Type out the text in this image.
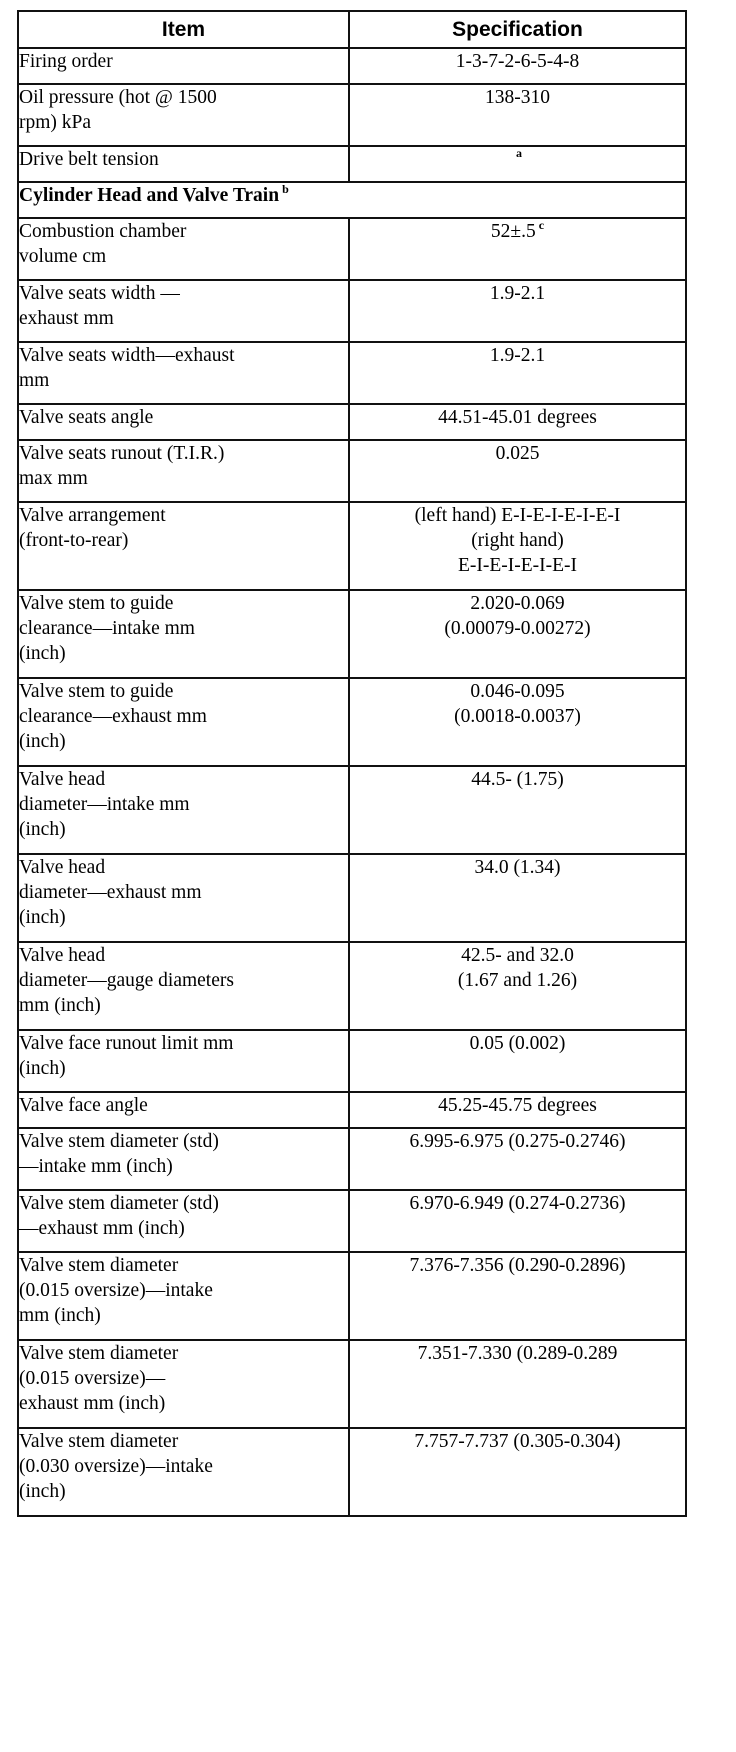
Item	Specification

Firing order	1-3-7-2-6-5-4-8

Oil pressure (hot @ 1500
rpm) kPa	138-310

Drive belt tension	$^a$

Cylinder Head and Valve Train $^b$

Combustion chamber
volume cm	52±.5 $^c$

Valve seats width —
exhaust mm	1.9-2.1

Valve seats width—exhaust
mm	1.9-2.1

Valve seats angle	44.51-45.01 degrees

Valve seats runout (T.I.R.)
max mm	0.025

Valve arrangement
(front-to-rear)	(left hand) E-I-E-I-E-I-E-I
(right hand)
E-I-E-I-E-I-E-I

Valve stem to guide
clearance—intake mm
(inch)	2.020-0.069
(0.00079-0.00272)

Valve stem to guide
clearance—exhaust mm
(inch)	0.046-0.095
(0.0018-0.0037)

Valve head
diameter—intake mm
(inch)	44.5- (1.75)

Valve head
diameter—exhaust mm
(inch)	34.0 (1.34)

Valve head
diameter—gauge diameters
mm (inch)	42.5- and 32.0
(1.67 and 1.26)

Valve face runout limit mm
(inch)	0.05 (0.002)

Valve face angle	45.25-45.75 degrees

Valve stem diameter (std)
—intake mm (inch)	6.995-6.975 (0.275-0.2746)

Valve stem diameter (std)
—exhaust mm (inch)	6.970-6.949 (0.274-0.2736)

Valve stem diameter
(0.015 oversize)—intake
mm (inch)	7.376-7.356 (0.290-0.2896)

Valve stem diameter
(0.015 oversize)—
exhaust mm (inch)	7.351-7.330 (0.289-0.289

Valve stem diameter
(0.030 oversize)—intake
(inch)	7.757-7.737 (0.305-0.304)
